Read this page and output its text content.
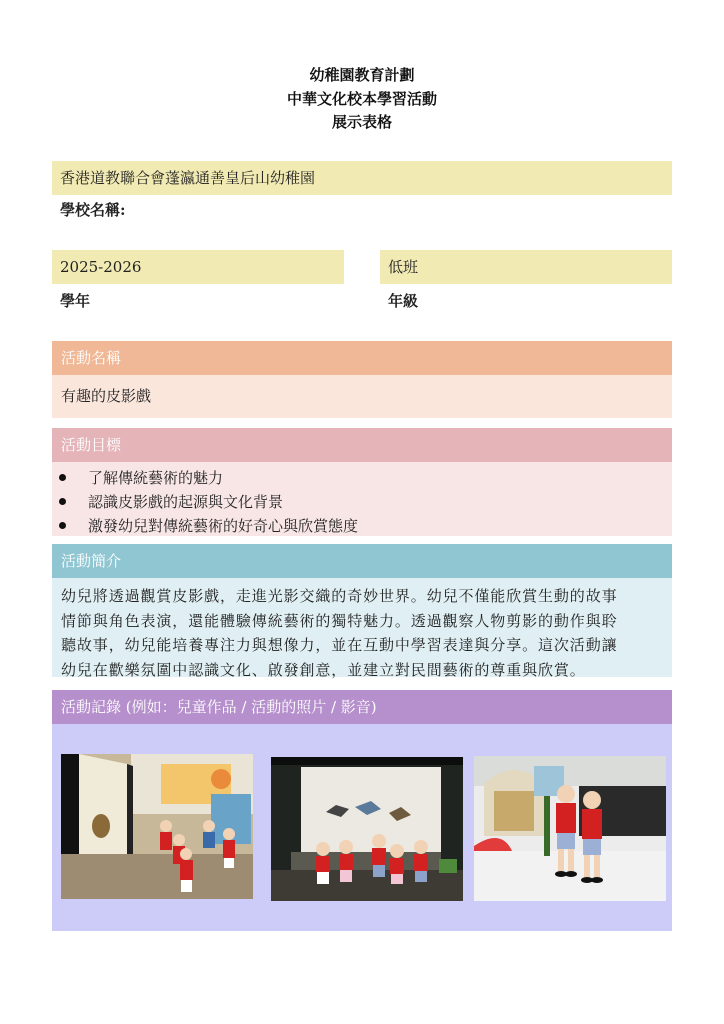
幼稚園教育計劃
中華文化校本學習活動
展示表格
香港道教聯合會蓬瀛通善皇后山幼稚園
學校名稱:
2025-2026
學年
低班
年級
活動名稱
有趣的皮影戲
活動目標
了解傳統藝術的魅力
認識皮影戲的起源與文化背景
激發幼兒對傳統藝術的好奇心與欣賞態度
活動簡介
幼兒將透過觀賞皮影戲，走進光影交織的奇妙世界。幼兒不僅能欣賞生動的故事
情節與角色表演，還能體驗傳統藝術的獨特魅力。透過觀察人物剪影的動作與聆
聽故事，幼兒能培養專注力與想像力，並在互動中學習表達與分享。這次活動讓
幼兒在歡樂氛圍中認識文化、啟發創意，並建立對民間藝術的尊重與欣賞。
活動記錄 (例如：兒童作品 / 活動的照片 / 影音)
